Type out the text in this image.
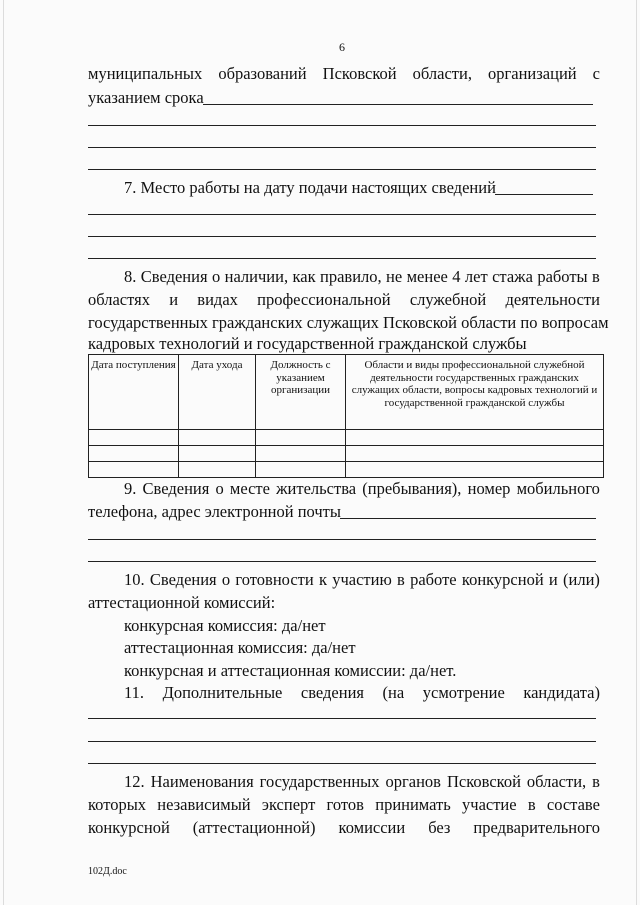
6
муниципальных образований Псковской области, организаций с
указанием срока
7. Место работы на дату подачи настоящих сведений
8. Сведения о наличии, как правило, не менее 4 лет стажа работы в
областях и видах профессиональной служебной деятельности
государственных гражданских служащих Псковской области по вопросам
кадровых технологий и государственной гражданской службы
Дата поступления	Дата ухода	Должность с указанием организации	Области и виды профессиональной служебной деятельности государственных гражданских служащих области, вопросы кадровых технологий и государственной гражданской службы

9. Сведения о месте жительства (пребывания), номер мобильного
телефона, адрес электронной почты
10. Сведения о готовности к участию в работе конкурсной и (или)
аттестационной комиссий:
конкурсная комиссия: да/нет
аттестационная комиссия: да/нет
конкурсная и аттестационная комиссии: да/нет.
11. Дополнительные сведения (на усмотрение кандидата)
12. Наименования государственных органов Псковской области, в
которых независимый эксперт готов принимать участие в составе
конкурсной (аттестационной) комиссии без предварительного
102Д.doc
